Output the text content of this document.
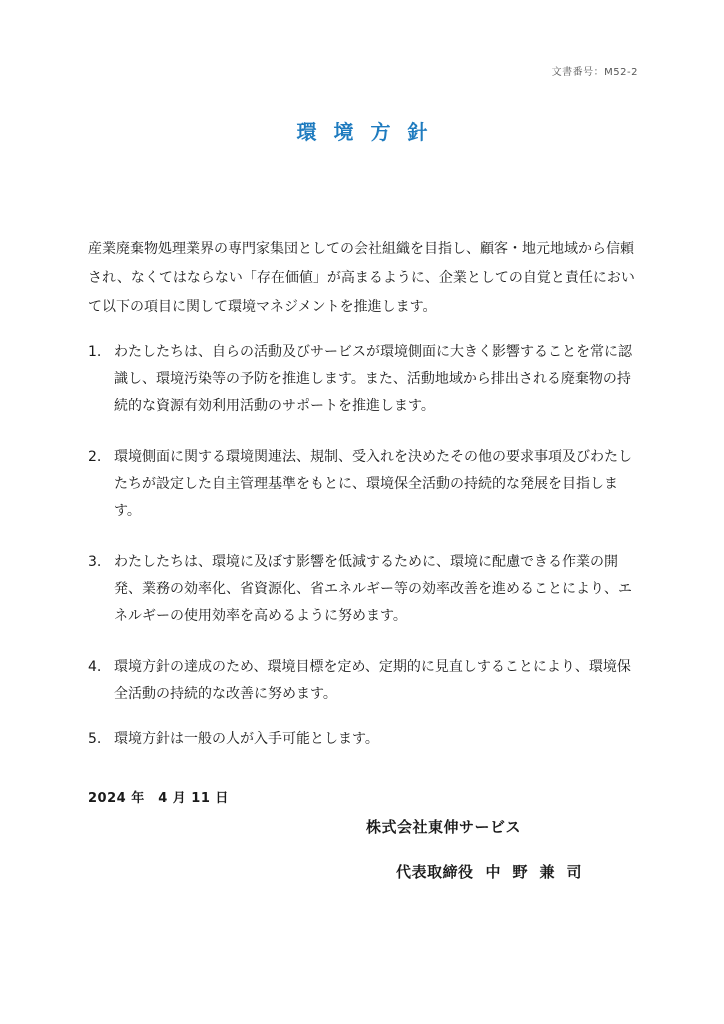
文書番号：M52-2
環境方針

産業廃棄物処理業界の専門家集団としての会社組織を目指し、顧客・地元地域から信頼され、なくてはならない「存在価値」が高まるように、企業としての自覚と責任において以下の項目に関して環境マネジメントを推進します。

1. わたしたちは、自らの活動及びサービスが環境側面に大きく影響することを常に認識し、環境汚染等の予防を推進します。また、活動地域から排出される廃棄物の持続的な資源有効利用活動のサポートを推進します。
2. 環境側面に関する環境関連法、規制、受入れを決めたその他の要求事項及びわたしたちが設定した自主管理基準をもとに、環境保全活動の持続的な発展を目指します。
3. わたしたちは、環境に及ぼす影響を低減するために、環境に配慮できる作業の開発、業務の効率化、省資源化、省エネルギー等の効率改善を進めることにより、エネルギーの使用効率を高めるように努めます。
4. 環境方針の達成のため、環境目標を定め、定期的に見直しすることにより、環境保全活動の持続的な改善に努めます。
5. 環境方針は一般の人が入手可能とします。
2024 年　4 月 11 日
株式会社東伸サービス
代表取締役 中野兼司
